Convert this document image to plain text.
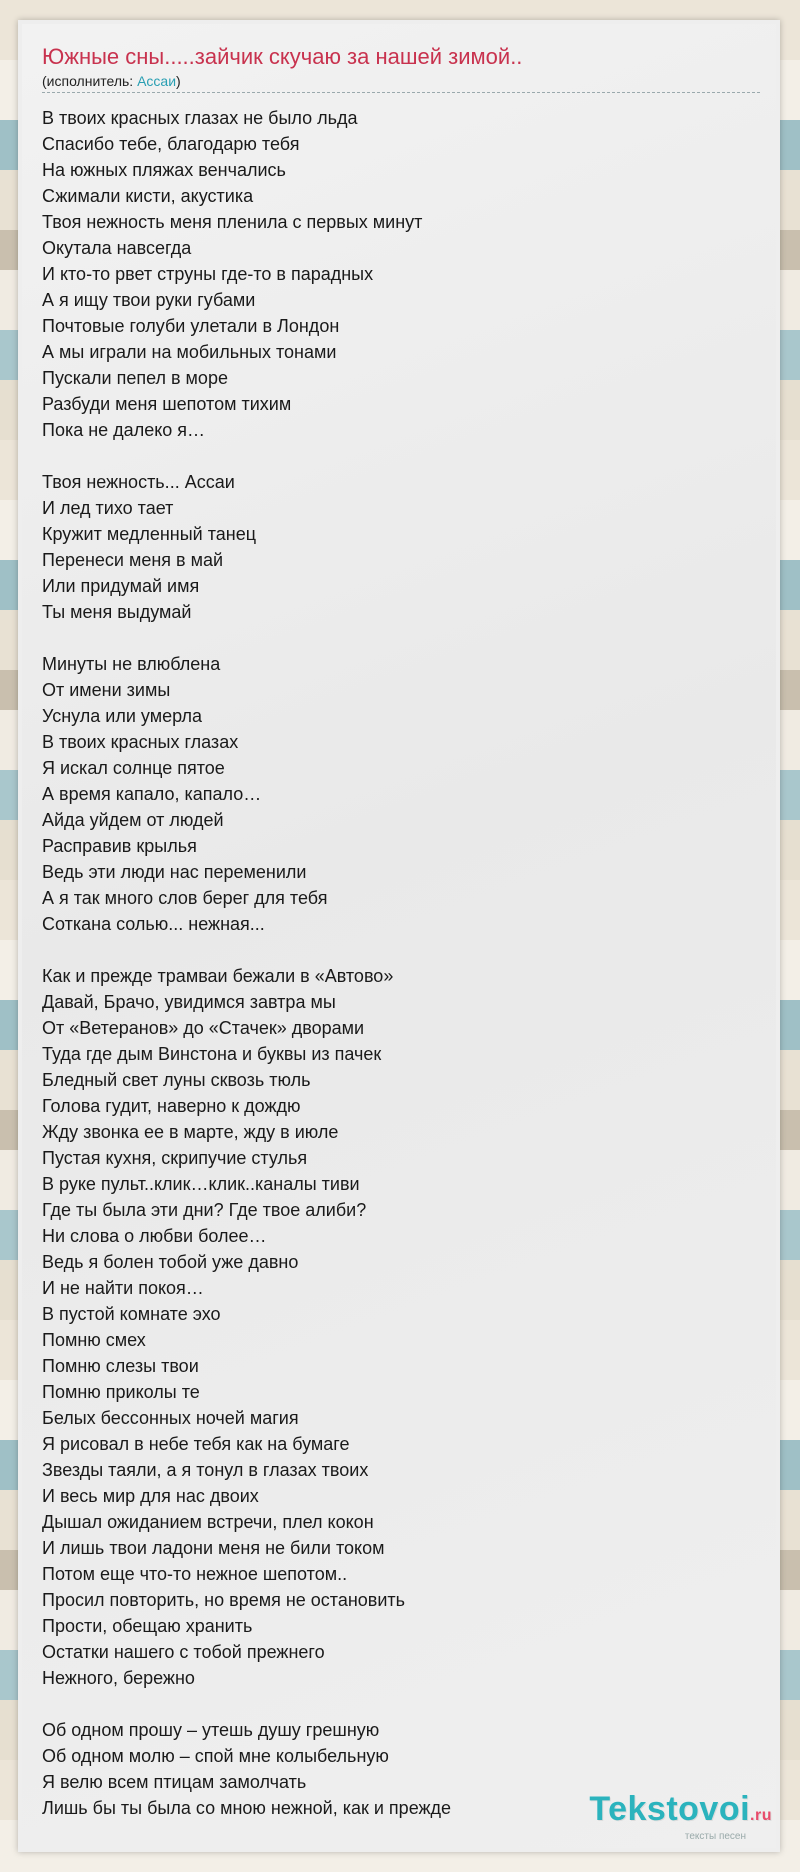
Южные сны.....зайчик скучаю за нашей зимой..
(исполнитель: Ассаи)
В твоих красных глазах не было льда
Спасибо тебе, благодарю тебя
На южных пляжах венчались
Сжимали кисти, акустика
Твоя нежность меня пленила с первых минут
Окутала навсегда
И кто-то рвет струны где-то в парадных
А я ищу твои руки губами
Почтовые голуби улетали в Лондон
А мы играли на мобильных тонами
Пускали пепел в море
Разбуди меня шепотом тихим
Пока не далеко я…
Твоя нежность... Ассаи
И лед тихо тает
Кружит медленный танец
Перенеси меня в май
Или придумай имя
Ты меня выдумай
Минуты не влюблена
От имени зимы
Уснула или умерла
В твоих красных глазах
Я искал солнце пятое
А время капало, капало…
Айда уйдем от людей
Расправив крылья
Ведь эти люди нас переменили
А я так много слов берег для тебя
Соткана солью... нежная...
Как и прежде трамваи бежали в «Автово»
Давай, Брачо, увидимся завтра мы
От «Ветеранов» до «Стачек» дворами
Туда где дым Винстона и буквы из пачек
Бледный свет луны сквозь тюль
Голова гудит, наверно к дождю
Жду звонка ее в марте, жду в июле
Пустая кухня, скрипучие стулья
В руке пульт..клик…клик..каналы тиви
Где ты была эти дни? Где твое алиби?
Ни слова о любви более…
Ведь я болен тобой уже давно
И не найти покоя…
В пустой комнате эхо
Помню смех
Помню слезы твои
Помню приколы те
Белых бессонных ночей магия
Я рисовал в небе тебя как на бумаге
Звезды таяли, а я тонул в глазах твоих
И весь мир для нас двоих
Дышал ожиданием встречи, плел кокон
И лишь твои ладони меня не били током
Потом еще что-то нежное шепотом..
Просил повторить, но время не остановить
Прости, обещаю хранить
Остатки нашего с тобой прежнего
Нежного, бережно
Об одном прошу – утешь душу грешную
Об одном молю – спой мне колыбельную
Я велю всем птицам замолчать
Лишь бы ты была со мною нежной, как и прежде	Tekstovoi.ru
тексты песен
